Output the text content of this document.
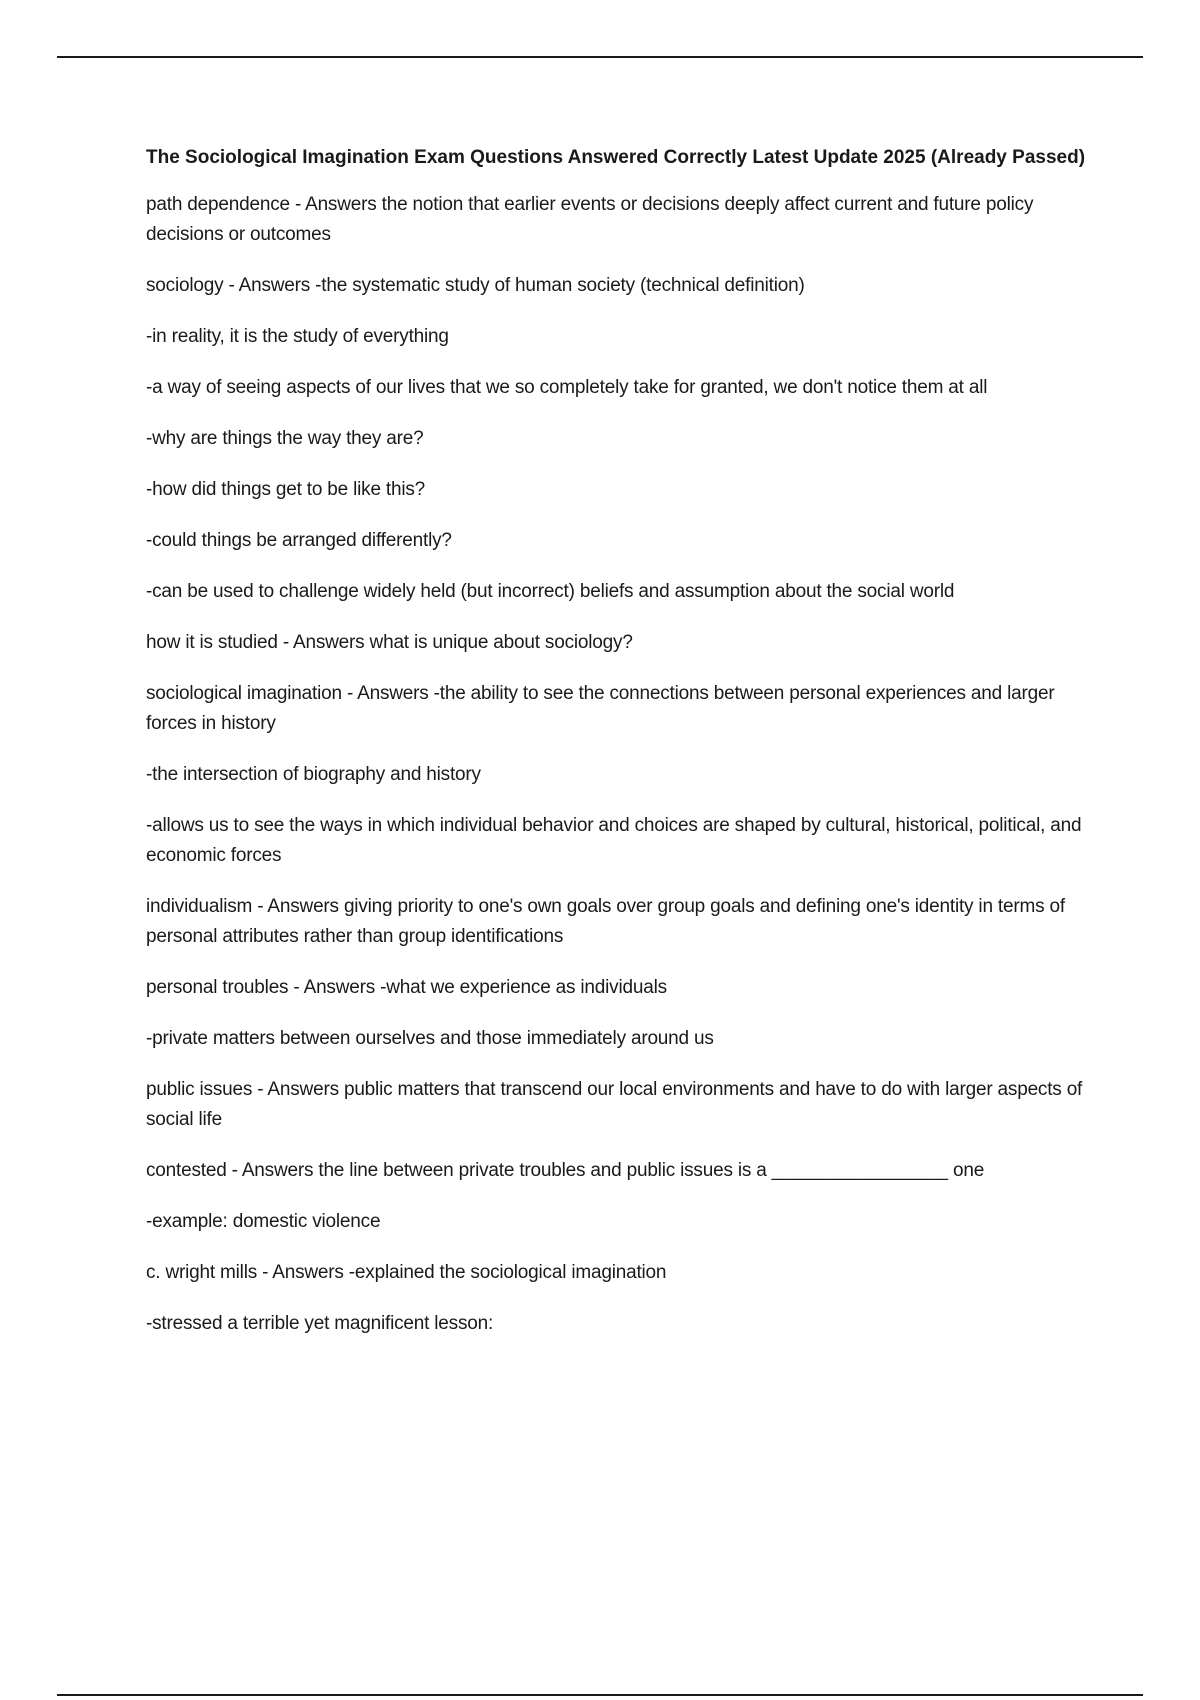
The Sociological Imagination Exam Questions Answered Correctly Latest Update 2025 (Already Passed)

path dependence - Answers the notion that earlier events or decisions deeply affect current and future policy decisions or outcomes

sociology - Answers -the systematic study of human society (technical definition)

-in reality, it is the study of everything

-a way of seeing aspects of our lives that we so completely take for granted, we don't notice them at all

-why are things the way they are?

-how did things get to be like this?

-could things be arranged differently?

-can be used to challenge widely held (but incorrect) beliefs and assumption about the social world

how it is studied - Answers what is unique about sociology?

sociological imagination - Answers -the ability to see the connections between personal experiences and larger forces in history

-the intersection of biography and history

-allows us to see the ways in which individual behavior and choices are shaped by cultural, historical, political, and economic forces

individualism - Answers giving priority to one's own goals over group goals and defining one's identity in terms of personal attributes rather than group identifications

personal troubles - Answers -what we experience as individuals

-private matters between ourselves and those immediately around us

public issues - Answers public matters that transcend our local environments and have to do with larger aspects of social life

contested - Answers the line between private troubles and public issues is a _________________ one

-example: domestic violence

c. wright mills - Answers -explained the sociological imagination

-stressed a terrible yet magnificent lesson:
